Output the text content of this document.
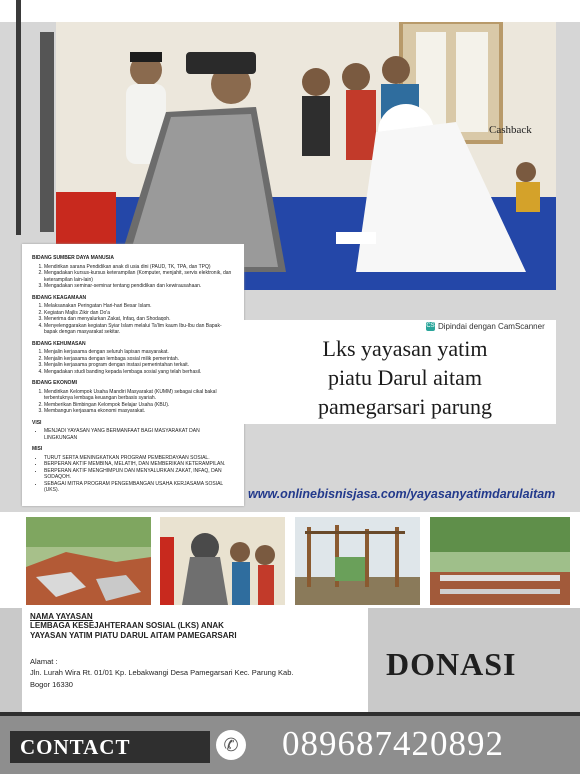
Cashback
BIDANG SUMBER DAYA MANUSIA
1. Mendirikan sarana Pendidikan anak di usia dini (PAUD, TK, TPA, dan TPQ)
2. Mengadakan kursus-kursus keterampilan (Komputer, menjahit, servis elektronik, dan keterampilan lain-lain)
3. Mengadakan seminar-seminar tentang pendidikan dan kewirausahaan.
BIDANG KEAGAMAAN
1. Melaksanakan Peringatan Hari-hari Besar Islam.
2. Kegiatan Majlis Zikir dan Do'a
3. Menerima dan menyalurkan Zakat, Infaq, dan Shodaqoh.
4. Menyelenggarakan kegiatan Syiar Islam melalui Ta'lim kaum Ibu-Ibu dan Bapak-bapak dengan masyarakat sekitar.
BIDANG KEHUMASAN
1. Menjalin kerjasama dengan seluruh lapisan masyarakat.
2. Menjalin kerjasama dengan lembaga sosial milik pemerintah.
3. Menjalin kerjasama program dengan instasi pemerintahan terkait.
4. Mengadakan studi banding kepada lembaga sosial yang telah berhasil.
BIDANG EKONOMI
1. Mendirikan Kelompok Usaha Mandiri Masyarakat (KUMM) sebagai cikal bakal terbentuknya lembaga keuangan berbasis syariah.
2. Memberikan Bimbingan Kelompok Belajar Usaha (KBU).
3. Membangun kerjasama ekonomi masyarakat.
VISI
• MENJADI YAYASAN YANG BERMANFAAT BAGI MASYARAKAT DAN LINGKUNGAN
MISI
• TURUT SERTA MENINGKATKAN PROGRAM PEMBERDAYAAN SOSIAL.
• BERPERAN AKTIF MEMBINA, MELATIH, DAN MEMBERIKAN KETERAMPILAN.
• BERPERAN AKTIF MENGHIMPUN DAN MENYALURKAN ZAKAT, INFAQ, DAN SODAQOH.
• SEBAGAI MITRA PROGRAM PENGEMBANGAN USAHA KERJASAMA SOSIAL (UKS).
CS Dipindai dengan CamScanner
Lks yayasan yatim
piatu Darul aitam
pamegarsari parung
www.onlinebisnisjasa.com/yayasanyatimdarulaitam
NAMA YAYASAN
LEMBAGA KESEJAHTERAAN SOSIAL (LKS) ANAK
YAYASAN YATIM PIATU DARUL AITAM PAMEGARSARI
Alamat :
Jln. Lurah Wira Rt. 01/01 Kp. Lebakwangi Desa Pamegarsari Kec. Parung Kab.
Bogor 16330
DONASI
CONTACT	✆ 089687420892
